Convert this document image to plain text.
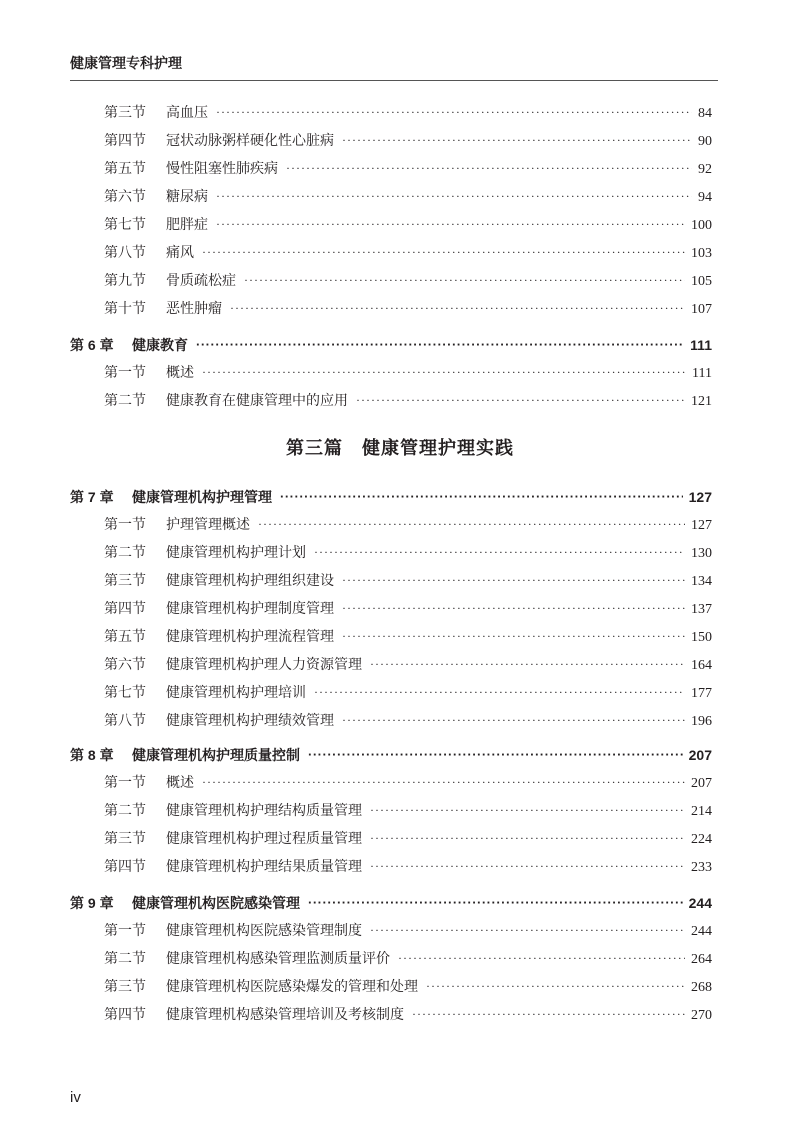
健康管理专科护理
第三节	高血压 ·····	84
第四节	冠状动脉粥样硬化性心脏病 ·····	90
第五节	慢性阻塞性肺疾病 ·····	92
第六节	糖尿病 ·····	94
第七节	肥胖症 ·····	100
第八节	痛风 ·····	103
第九节	骨质疏松症 ·····	105
第十节	恶性肿瘤 ·····	107
第 6 章	健康教育 ·····	111
第一节	概述 ·····	111
第二节	健康教育在健康管理中的应用 ·····	121
第 7 章	健康管理机构护理管理 ·····	127
第一节	护理管理概述 ·····	127
第二节	健康管理机构护理计划 ·····	130
第三节	健康管理机构护理组织建设 ·····	134
第四节	健康管理机构护理制度管理 ·····	137
第五节	健康管理机构护理流程管理 ·····	150
第六节	健康管理机构护理人力资源管理 ·····	164
第七节	健康管理机构护理培训 ·····	177
第八节	健康管理机构护理绩效管理 ·····	196
第 8 章	健康管理机构护理质量控制 ·····	207
第一节	概述 ·····	207
第二节	健康管理机构护理结构质量管理 ·····	214
第三节	健康管理机构护理过程质量管理 ·····	224
第四节	健康管理机构护理结果质量管理 ·····	233
第 9 章	健康管理机构医院感染管理 ·····	244
第一节	健康管理机构医院感染管理制度 ·····	244
第二节	健康管理机构感染管理监测质量评价 ·····	264
第三节	健康管理机构医院感染爆发的管理和处理 ·····	268
第四节	健康管理机构感染管理培训及考核制度 ·····	270
第三篇　健康管理护理实践
iv
